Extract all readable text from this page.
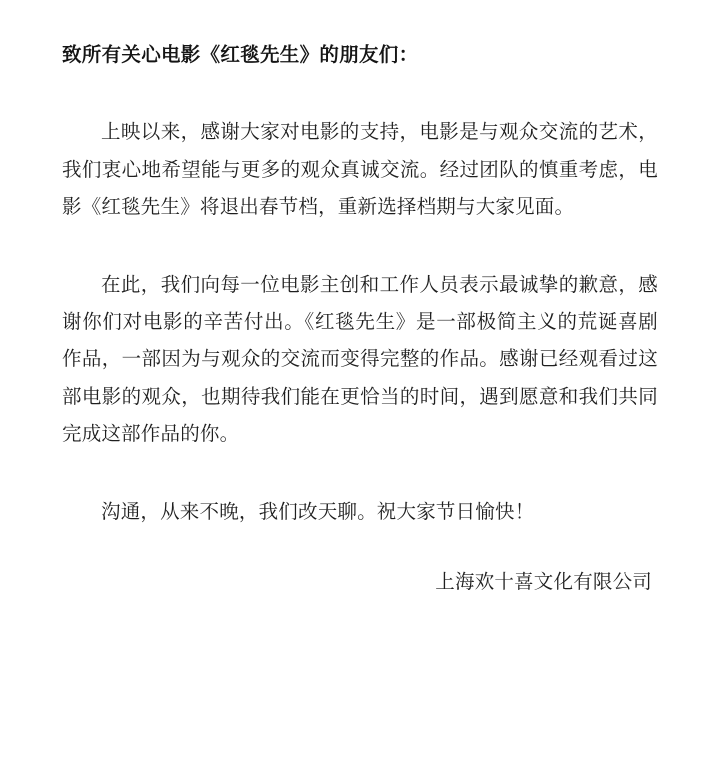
致所有关心电影《红毯先生》的朋友们：

上映以来，感谢大家对电影的支持，电影是与观众交流的艺术，我们衷心地希望能与更多的观众真诚交流。经过团队的慎重考虑，电影《红毯先生》将退出春节档，重新选择档期与大家见面。

在此，我们向每一位电影主创和工作人员表示最诚挚的歉意，感谢你们对电影的辛苦付出。《红毯先生》是一部极简主义的荒诞喜剧作品，一部因为与观众的交流而变得完整的作品。感谢已经观看过这部电影的观众，也期待我们能在更恰当的时间，遇到愿意和我们共同完成这部作品的你。

沟通，从来不晚，我们改天聊。祝大家节日愉快！

上海欢十喜文化有限公司
